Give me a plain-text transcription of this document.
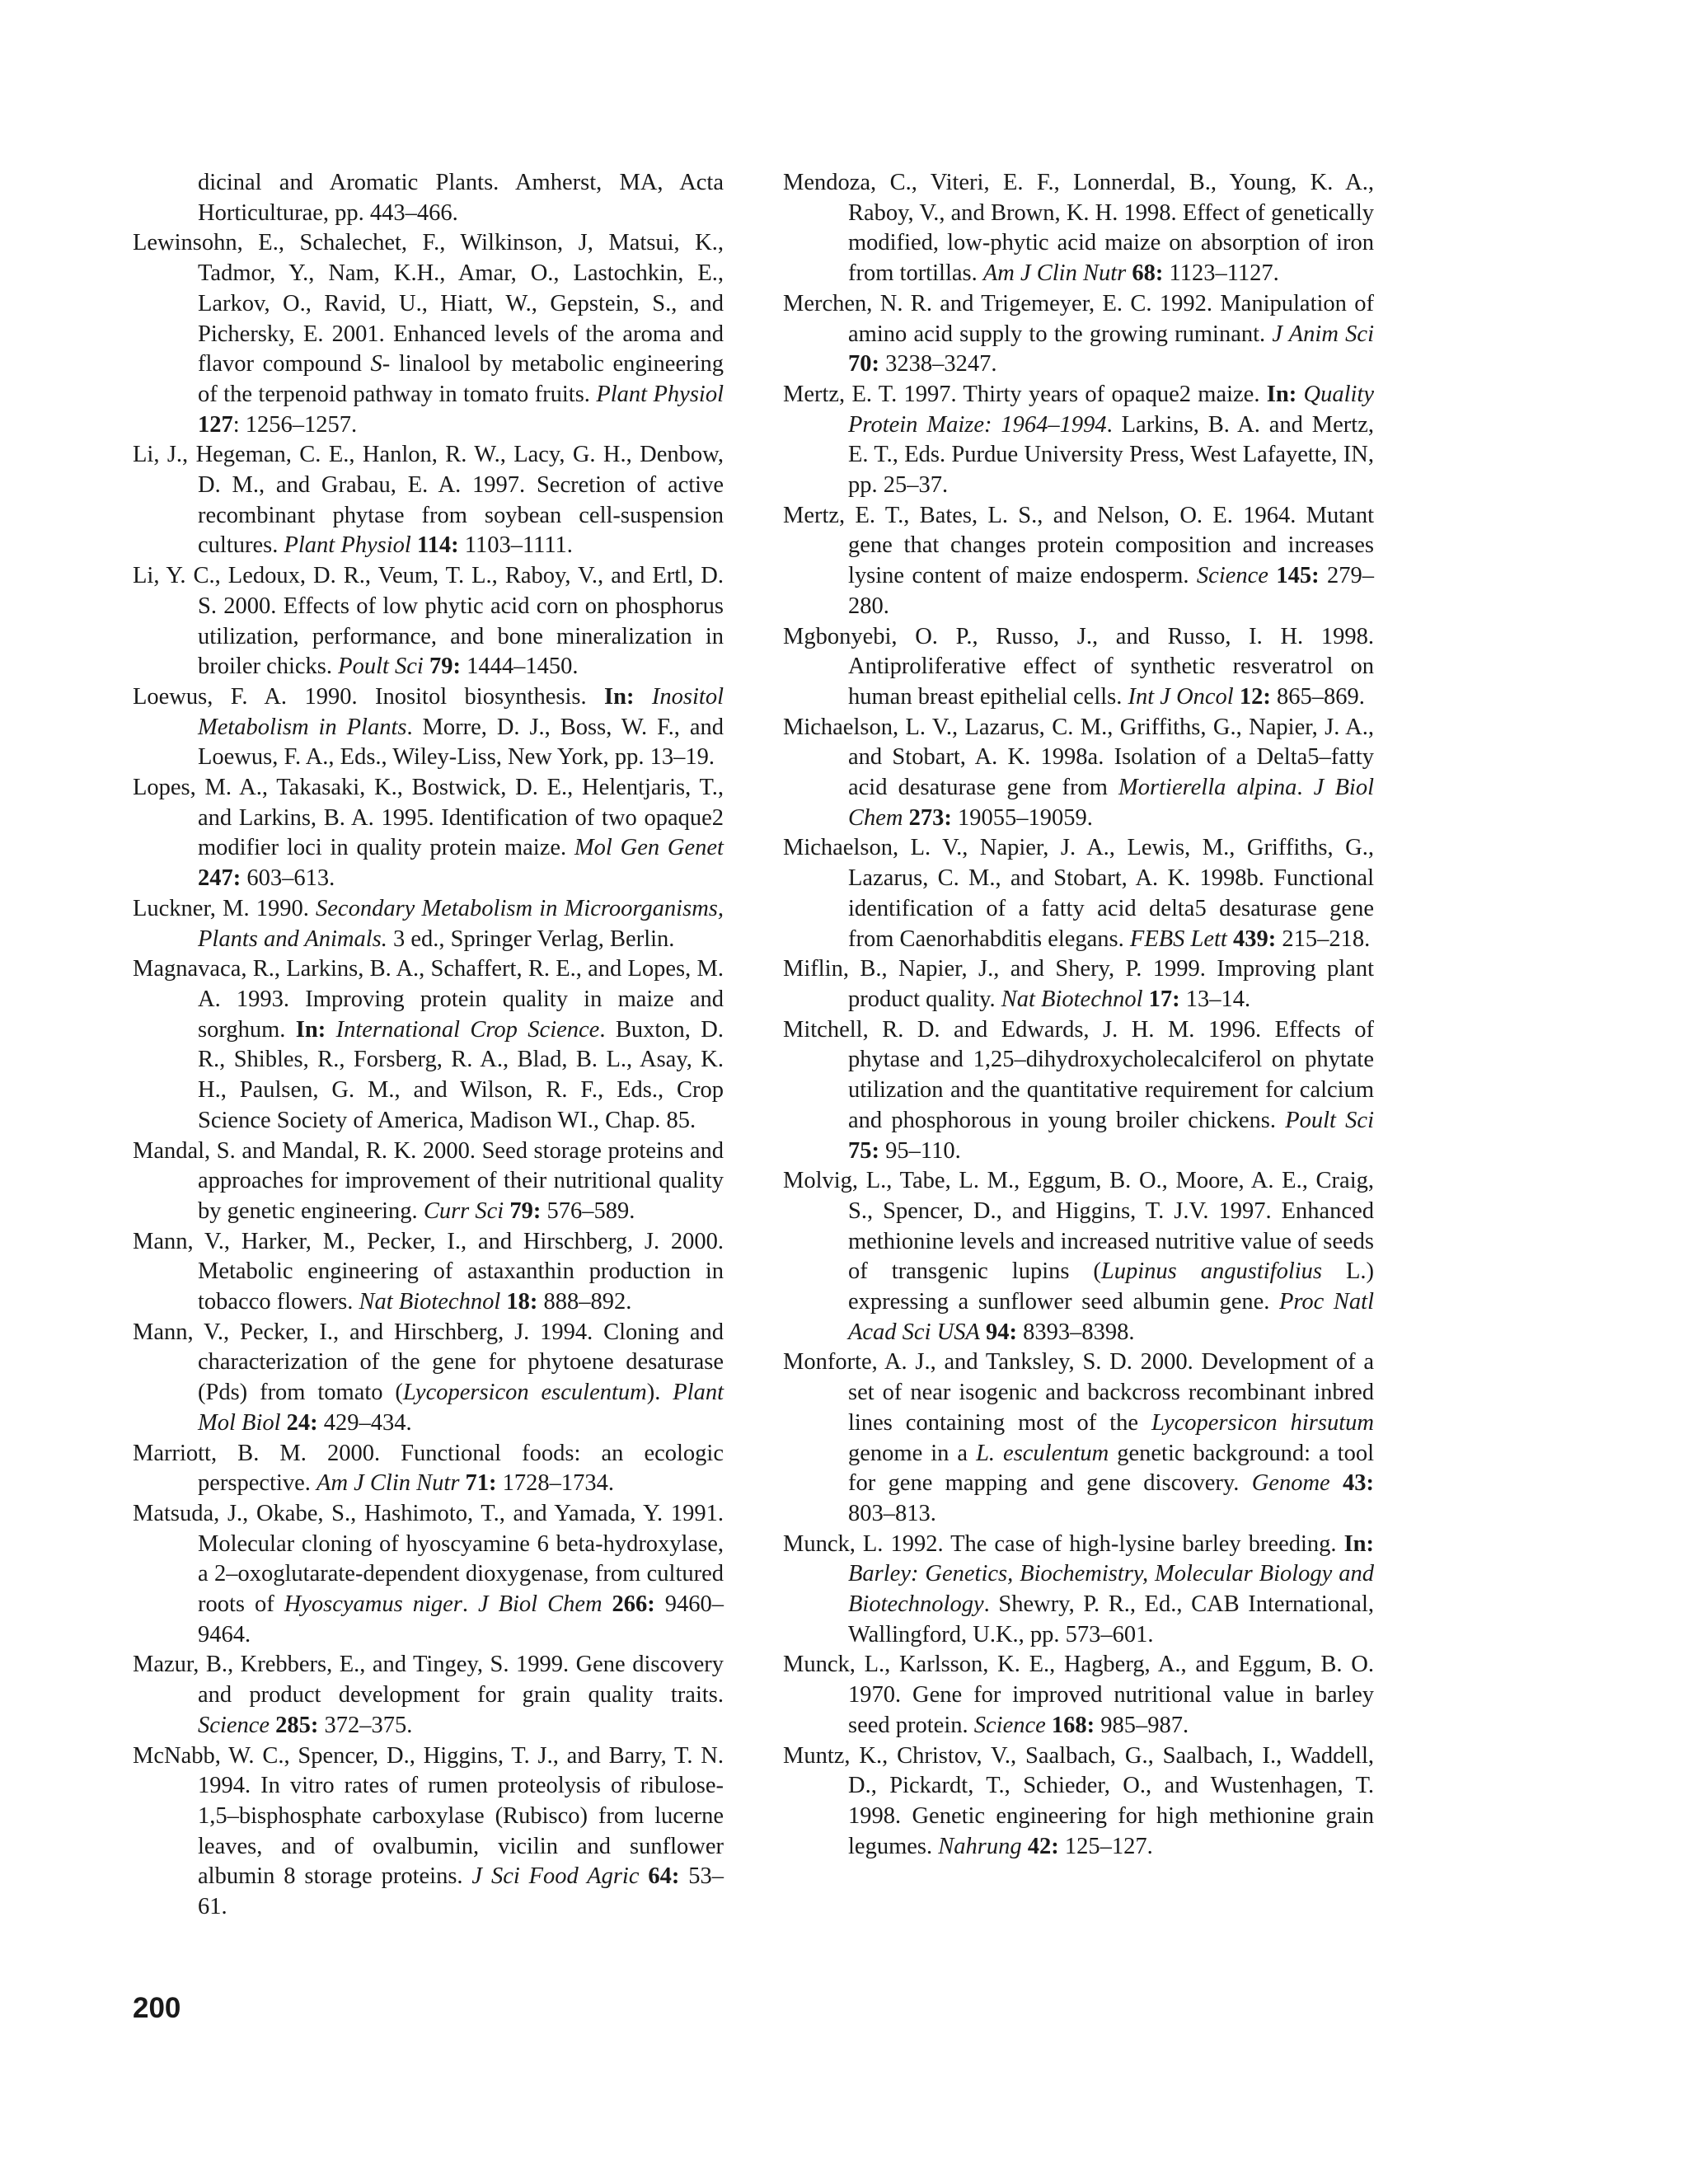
dicinal and Aromatic Plants. Amherst, MA, Acta Horticulturae, pp. 443–466.

Lewinsohn, E., Schalechet, F., Wilkinson, J, Matsui, K., Tadmor, Y., Nam, K.H., Amar, O., Lastochkin, E., Larkov, O., Ravid, U., Hiatt, W., Gepstein, S., and Pichersky, E. 2001. Enhanced levels of the aroma and flavor compound S- linalool by metabolic engineering of the terpenoid pathway in tomato fruits. Plant Physiol 127: 1256–1257.

Li, J., Hegeman, C. E., Hanlon, R. W., Lacy, G. H., Denbow, D. M., and Grabau, E. A. 1997. Secretion of active recombinant phytase from soybean cell-suspension cultures. Plant Physiol 114: 1103–1111.

Li, Y. C., Ledoux, D. R., Veum, T. L., Raboy, V., and Ertl, D. S. 2000. Effects of low phytic acid corn on phosphorus utilization, performance, and bone mineralization in broiler chicks. Poult Sci 79: 1444–1450.

Loewus, F. A. 1990. Inositol biosynthesis. In: Inositol Metabolism in Plants. Morre, D. J., Boss, W. F., and Loewus, F. A., Eds., Wiley-Liss, New York, pp. 13–19.

Lopes, M. A., Takasaki, K., Bostwick, D. E., Helentjaris, T., and Larkins, B. A. 1995. Identification of two opaque2 modifier loci in quality protein maize. Mol Gen Genet 247: 603–613.

Luckner, M. 1990. Secondary Metabolism in Microorganisms, Plants and Animals. 3 ed., Springer Verlag, Berlin.

Magnavaca, R., Larkins, B. A., Schaffert, R. E., and Lopes, M. A. 1993. Improving protein quality in maize and sorghum. In: International Crop Science. Buxton, D. R., Shibles, R., Forsberg, R. A., Blad, B. L., Asay, K. H., Paulsen, G. M., and Wilson, R. F., Eds., Crop Science Society of America, Madison WI., Chap. 85.

Mandal, S. and Mandal, R. K. 2000. Seed storage proteins and approaches for improvement of their nutritional quality by genetic engineering. Curr Sci 79: 576–589.

Mann, V., Harker, M., Pecker, I., and Hirschberg, J. 2000. Metabolic engineering of astaxanthin production in tobacco flowers. Nat Biotechnol 18: 888–892.

Mann, V., Pecker, I., and Hirschberg, J. 1994. Cloning and characterization of the gene for phytoene desaturase (Pds) from tomato (Lycopersicon esculentum). Plant Mol Biol 24: 429–434.

Marriott, B. M. 2000. Functional foods: an ecologic perspective. Am J Clin Nutr 71: 1728–1734.

Matsuda, J., Okabe, S., Hashimoto, T., and Yamada, Y. 1991. Molecular cloning of hyoscyamine 6 beta-hydroxylase, a 2–oxoglutarate-dependent dioxygenase, from cultured roots of Hyoscyamus niger. J Biol Chem 266: 9460–9464.

Mazur, B., Krebbers, E., and Tingey, S. 1999. Gene discovery and product development for grain quality traits. Science 285: 372–375.

McNabb, W. C., Spencer, D., Higgins, T. J., and Barry, T. N. 1994. In vitro rates of rumen proteolysis of ribulose-1,5–bisphosphate carboxylase (Rubisco) from lucerne leaves, and of ovalbumin, vicilin and sunflower albumin 8 storage proteins. J Sci Food Agric 64: 53–61.

Mendoza, C., Viteri, E. F., Lonnerdal, B., Young, K. A., Raboy, V., and Brown, K. H. 1998. Effect of genetically modified, low-phytic acid maize on absorption of iron from tortillas. Am J Clin Nutr 68: 1123–1127.

Merchen, N. R. and Trigemeyer, E. C. 1992. Manipulation of amino acid supply to the growing ruminant. J Anim Sci 70: 3238–3247.

Mertz, E. T. 1997. Thirty years of opaque2 maize. In: Quality Protein Maize: 1964–1994. Larkins, B. A. and Mertz, E. T., Eds. Purdue University Press, West Lafayette, IN, pp. 25–37.

Mertz, E. T., Bates, L. S., and Nelson, O. E. 1964. Mutant gene that changes protein composition and increases lysine content of maize endosperm. Science 145: 279–280.

Mgbonyebi, O. P., Russo, J., and Russo, I. H. 1998. Antiproliferative effect of synthetic resveratrol on human breast epithelial cells. Int J Oncol 12: 865–869.

Michaelson, L. V., Lazarus, C. M., Griffiths, G., Napier, J. A., and Stobart, A. K. 1998a. Isolation of a Delta5–fatty acid desaturase gene from Mortierella alpina. J Biol Chem 273: 19055–19059.

Michaelson, L. V., Napier, J. A., Lewis, M., Griffiths, G., Lazarus, C. M., and Stobart, A. K. 1998b. Functional identification of a fatty acid delta5 desaturase gene from Caenorhabditis elegans. FEBS Lett 439: 215–218.

Miflin, B., Napier, J., and Shery, P. 1999. Improving plant product quality. Nat Biotechnol 17: 13–14.

Mitchell, R. D. and Edwards, J. H. M. 1996. Effects of phytase and 1,25–dihydroxycholecalciferol on phytate utilization and the quantitative requirement for calcium and phosphorous in young broiler chickens. Poult Sci 75: 95–110.

Molvig, L., Tabe, L. M., Eggum, B. O., Moore, A. E., Craig, S., Spencer, D., and Higgins, T. J.V. 1997. Enhanced methionine levels and increased nutritive value of seeds of transgenic lupins (Lupinus angustifolius L.) expressing a sunflower seed albumin gene. Proc Natl Acad Sci USA 94: 8393–8398.

Monforte, A. J., and Tanksley, S. D. 2000. Development of a set of near isogenic and backcross recombinant inbred lines containing most of the Lycopersicon hirsutum genome in a L. esculentum genetic background: a tool for gene mapping and gene discovery. Genome 43: 803–813.

Munck, L. 1992. The case of high-lysine barley breeding. In: Barley: Genetics, Biochemistry, Molecular Biology and Biotechnology. Shewry, P. R., Ed., CAB International, Wallingford, U.K., pp. 573–601.

Munck, L., Karlsson, K. E., Hagberg, A., and Eggum, B. O. 1970. Gene for improved nutritional value in barley seed protein. Science 168: 985–987.

Muntz, K., Christov, V., Saalbach, G., Saalbach, I., Waddell, D., Pickardt, T., Schieder, O., and Wustenhagen, T. 1998. Genetic engineering for high methionine grain legumes. Nahrung 42: 125–127.

200
